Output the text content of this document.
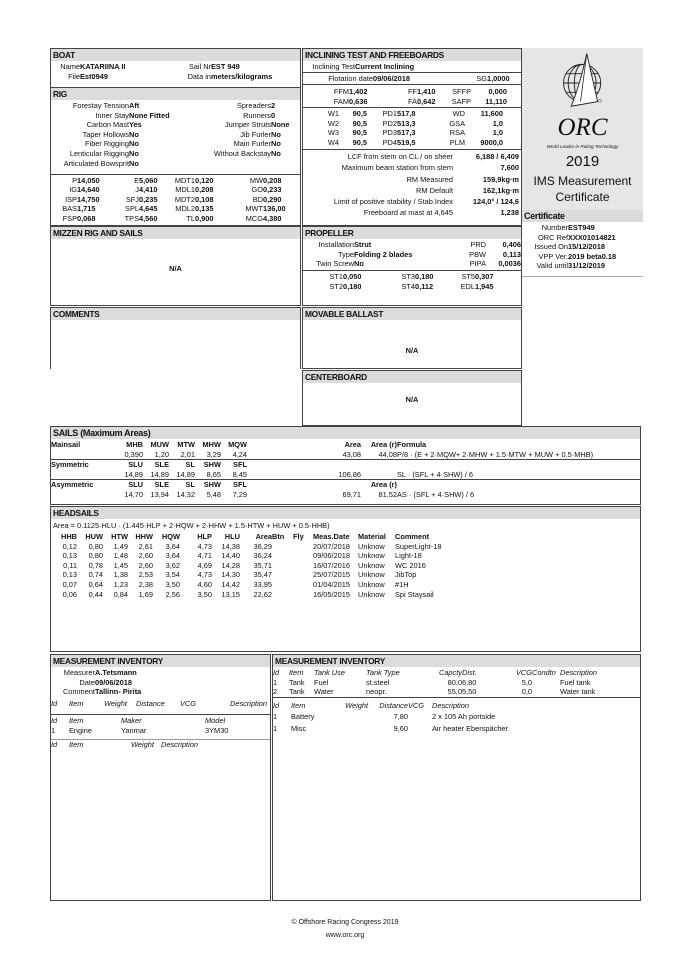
BOAT
Name	KATARIINA II	Sail Nr	EST 949
File	Est0949	Data in	meters/kilograms
RIG
Forestay Tension	Aft
Inner Stay	None Fitted
Carbon Mast	Yes
Taper Hollows	No
Fiber Rigging	No
Lenticular Rigging	No
Articulated Bowsprit	No
Spreaders	2
Runners	0
Jumper Struts	None
Jib Furler	No
Main Furler	No
Without Backstay	No
P	14,050	E	5,060	MDT1	0,120	MW	0,208
IG	14,640	J	4,410	MDL1	0,208	GO	0,233
ISP	14,750	SFJ	0,235	MDT2	0,108	BD	0,290
BAS	1,715	SPL	4,645	MDL2	0,135	MWT	136,00
FSP	0,068	TPS	4,560	TL	0,900	MCG	4,380
INCLINING TEST AND FREEBOARDS
Inclining Test	Current Inclining
Flotation date	09/06/2018	SG	1,0000
FFM	1,402	FF	1,410	SFFP	0,000
FAM	0,636	FA	0,642	SAFP	11,110
W1	90,5	PD1	517,8	WD	11,600
W2	90,5	PD2	513,3	GSA	1,0
W3	90,5	PD3	517,3	RSA	1,0
W4	90,5	PD4	519,5	PLM	9000,0
LCF from stem on CL / on sheer	6,188 / 6,409
Maximum beam station from stem	7,600
RM Measured	159,9kg·m
RM Default	162,1kg·m
Limit of positive stability / Stab.Index	124,0° / 124,6
Freeboard at mast at 4,645	1,238
ORC
World Leader in Rating Technology
2019
IMS Measurement
Certificate
Certificate
Number	EST949
ORC Ref	XXX01014821
Issued On	15/12/2018
VPP Ver.	2019 beta0.18
Valid until	31/12/2019
MIZZEN RIG AND SAILS
N/A
PROPELLER
Installation	Strut	PRD	0,406
Type	Folding 2 blades	PBW	0,113
Twin Screw	No	PIPA	0,0036
ST1	0,050	ST3	0,180	ST5	0,307
ST2	0,180	ST4	0,112	EDL	1,945
COMMENTS	MOVABLE BALLAST
N/A
CENTERBOARD
N/A
SAILS (Maximum Areas)
Mainsail	MHB	MUW	MTW	MHW	MQW		Area	Area (r)	Formula
	0,390	1,20	2,01	3,29	4,24		43,08	44,08	P/8 · (E + 2·MQW+ 2·MHW + 1.5·MTW + MUW + 0.5·MHB)
Symmetric	SLU	SLE	SL	SHW	SFL				
	14,89	14,89	14,89	8,65	8,45		106,86		SL · (SFL + 4·SHW) / 6
Asymmetric	SLU	SLE	SL	SHW	SFL			Area (r)	
	14,70	13,94	14,32	5,48	7,29		69,71	81,52	AS · (SFL + 4·SHW) / 6
HEADSAILS
Area = 0.1125·HLU · (1.445·HLP + 2·HQW + 2·HHW + 1.5·HTW + HUW + 0.5·HHB)
HHB	HUW	HTW	HHW	HQW	HLP	HLU	Area	Btn	Fly	Meas.Date	Material	Comment
0,12	0,80	1,49	2,61	3,64	4,73	14,38	36,29			20/07/2018	Unknow	SuperLight-18
0,13	0,80	1,48	2,60	3,64	4,71	14,40	36,24			09/06/2018	Unknow	Light-18
0,11	0,78	1,45	2,60	3,62	4,69	14,28	35,71			16/07/2016	Unknow	WC 2016
0,13	0,74	1,38	2,53	3,54	4,73	14,30	35,47			25/07/2015	Unknow	JibTop
0,07	0,64	1,23	2,38	3,50	4,60	14,42	33,95			01/04/2015	Unknow	#1H
0,06	0,44	0,84	1,69	2,56	3,50	13,15	22,62			16/05/2015	Unknow	Spi Staysail
MEASUREMENT INVENTORY
Measurer	A.Tetsmann
Date	09/06/2018
Comment	Tallinn- Pirita
Id	Item	Weight	Distance	VCG	Description
Id	Item	Maker	Model
1	Engine	Yanmar	3YM30
Id	Item	Weight	Description
MEASUREMENT INVENTORY
Id	Item	Tank Use	Tank Type	Capcty	Dist.	VCG	Condtn	Description
1	Tank	Fuel	st.steel	80,0	6,80	5,0		Fuel tank
2	Tank	Water	neopr.	55,0	5,50	0,0		Water tank
Id	Item	Weight	Distance	VCG	Description
1	Battery		7,80		2 x 105 Ah portside
1	Misc		9,60		Air heater Eberspächer
© Offshore Racing Congress 2019
www.orc.org
